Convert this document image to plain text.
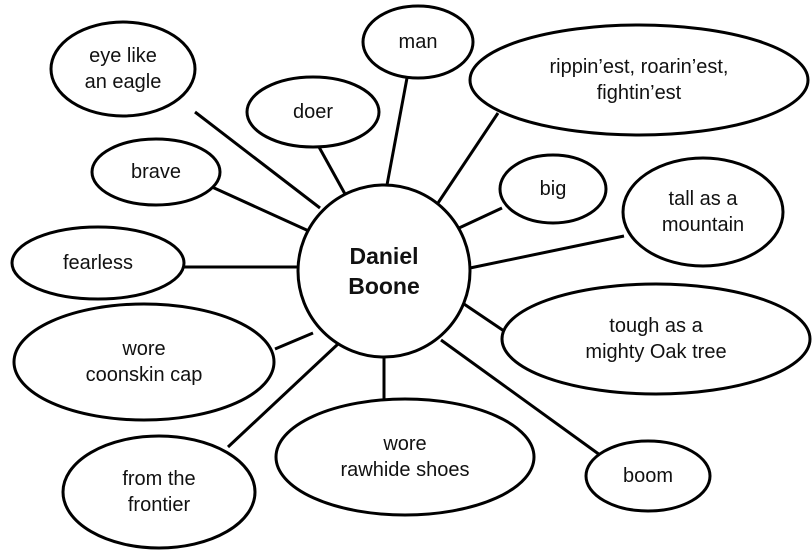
eye like
an eagle
man
rippin’est, roarin’est,
fightin’est
doer
brave
big	tall as a
mountain
fearless
tough as a
mighty Oak tree
wore
coonskin cap
wore
rawhide shoes	boom
from the
frontier
Daniel
Boone
